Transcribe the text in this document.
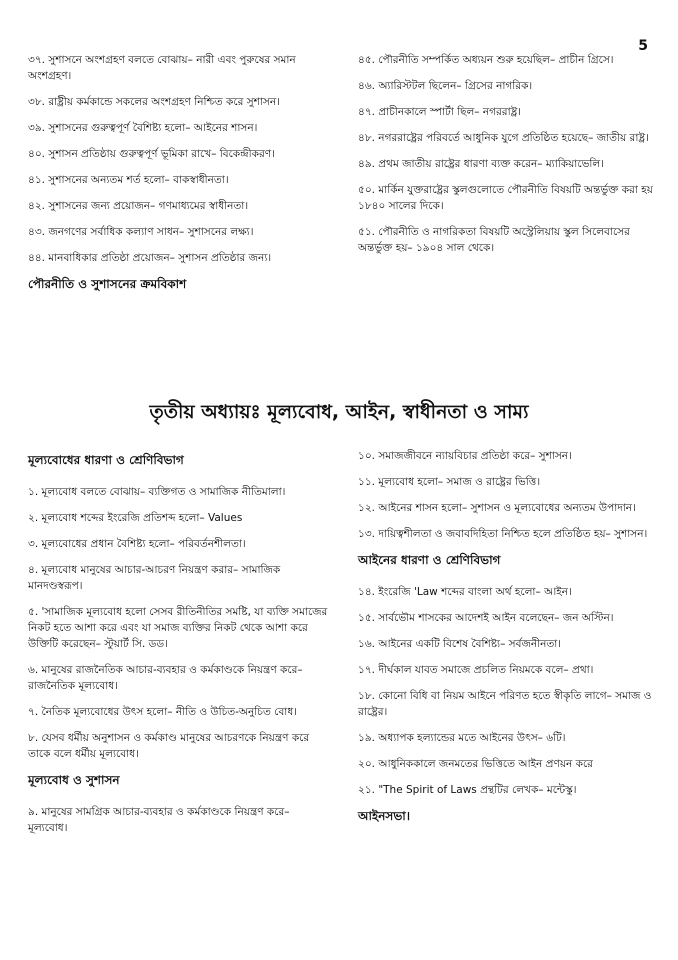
5

৩৭. সুশাসনে অংশগ্রহণ বলতে বোঝায়– নারী এবং পুরুষের সমান অংশগ্রহণ।

৩৮. রাষ্ট্রীয় কর্মকান্ডে সকলের অংশগ্রহণ নিশ্চিত করে সুশাসন।

৩৯. সুশাসনের গুরুত্বপূর্ণ বৈশিষ্ট্য হলো– আইনের শাসন।

৪০. সুশাসন প্রতিষ্ঠায় গুরুত্বপূর্ণ ভূমিকা রাখে– বিকেন্দ্রীকরণ।

৪১. সুশাসনের অন্যতম শর্ত হলো– বাকস্বাধীনতা।

৪২. সুশাসনের জন্য প্রয়োজন– গণমাধ্যমের স্বাধীনতা।

৪৩. জনগণের সর্বাধিক কল্যাণ সাধন– সুশাসনের লক্ষ্য।

৪৪. মানবাধিকার প্রতিষ্ঠা প্রয়োজন– সুশাসন প্রতিষ্ঠার জন্য।

পৌরনীতি ও সুশাসনের ক্রমবিকাশ

৪৫. পৌরনীতি সম্পর্কিত অধ্যয়ন শুরু হয়েছিল– প্রাচীন গ্রিসে।

৪৬. অ্যারিস্টটল ছিলেন– গ্রিসের নাগরিক।

৪৭. প্রাচীনকালে স্পার্টা ছিল– নগররাষ্ট্র।

৪৮. নগররাষ্ট্রের পরিবর্তে আধুনিক যুগে প্রতিষ্ঠিত হয়েছে– জাতীয় রাষ্ট্র।

৪৯. প্রথম জাতীয় রাষ্ট্রের ধারণা ব্যক্ত করেন– ম্যাকিয়াভেলি।

৫০. মার্কিন যুক্তরাষ্ট্রের স্কুলগুলোতে পৌরনীতি বিষয়টি অন্তর্ভুক্ত করা হয় ১৮৪০ সালের দিকে।

৫১. পৌরনীতি ও নাগরিকতা বিষয়টি অস্ট্রেলিয়ায় স্কুল সিলেবাসের অন্তর্ভুক্ত হয়– ১৯০৪ সাল থেকে।

তৃতীয় অধ্যায়ঃ মূল্যবোধ, আইন, স্বাধীনতা ও সাম্য
মূল্যবোধের ধারণা ও শ্রেণিবিভাগ

১. মূল্যবোধ বলতে বোঝায়– ব্যক্তিগত ও সামাজিক নীতিমালা।

২. মূল্যবোধ শব্দের ইংরেজি প্রতিশব্দ হলো– Values

৩. মূল্যবোধের প্রধান বৈশিষ্ট্য হলো– পরিবর্তনশীলতা।

৪. মূল্যবোধ মানুষের আচার-আচরণ নিয়ন্ত্রণ করার– সামাজিক মানদণ্ডস্বরূপ।

৫. 'সামাজিক মূল্যবোধ হলো সেসব রীতিনীতির সমষ্টি, যা ব্যক্তি সমাজের নিকট হতে আশা করে এবং যা সমাজ ব্যক্তির নিকট থেকে আশা করে উক্তিটি করেছেন– স্টুয়ার্ট সি. ডড।

৬. মানুষের রাজনৈতিক আচার-ব্যবহার ও কর্মকাণ্ডকে নিয়ন্ত্রণ করে– রাজনৈতিক মূল্যবোধ।

৭. নৈতিক মূল্যবোধের উৎস হলো– নীতি ও উচিত-অনুচিত বোধ।

৮. যেসব ধর্মীয় অনুশাসন ও কর্মকাণ্ড মানুষের আচরণকে নিয়ন্ত্রণ করে তাকে বলে ধর্মীয় মূল্যবোধ।

মূল্যবোধ ও সুশাসন

৯. মানুষের সামগ্রিক আচার-ব্যবহার ও কর্মকাণ্ডকে নিয়ন্ত্রণ করে– মূল্যবোধ।

১০. সমাজজীবনে ন্যায়বিচার প্রতিষ্ঠা করে– সুশাসন।

১১. মূল্যবোধ হলো– সমাজ ও রাষ্ট্রের ভিত্তি।

১২. আইনের শাসন হলো– সুশাসন ও মূল্যবোধের অন্যতম উপাদান।

১৩. দায়িত্বশীলতা ও জবাবদিহিতা নিশ্চিত হলে প্রতিষ্ঠিত হয়– সুশাসন।

আইনের ধারণা ও শ্রেণিবিভাগ

১৪. ইংরেজি 'Law শব্দের বাংলা অর্থ হলো– আইন।

১৫. সার্বভৌম শাসকের আদেশই আইন বলেছেন– জন অস্টিন।

১৬. আইনের একটি বিশেষ বৈশিষ্ট্য– সর্বজনীনতা।

১৭. দীর্ঘকাল যাবত সমাজে প্রচলিত নিয়মকে বলে– প্রথা।

১৮. কোনো বিধি বা নিয়ম আইনে পরিণত হতে স্বীকৃতি লাগে– সমাজ ও রাষ্ট্রের।

১৯. অধ্যাপক হল্যান্ডের মতে আইনের উৎস– ৬টি।

২০. আধুনিককালে জনমতের ভিত্তিতে আইন প্রণয়ন করে

২১. "The Spirit of Laws প্রন্থটির লেখক– মন্টেস্কু।

আইনসভা।
